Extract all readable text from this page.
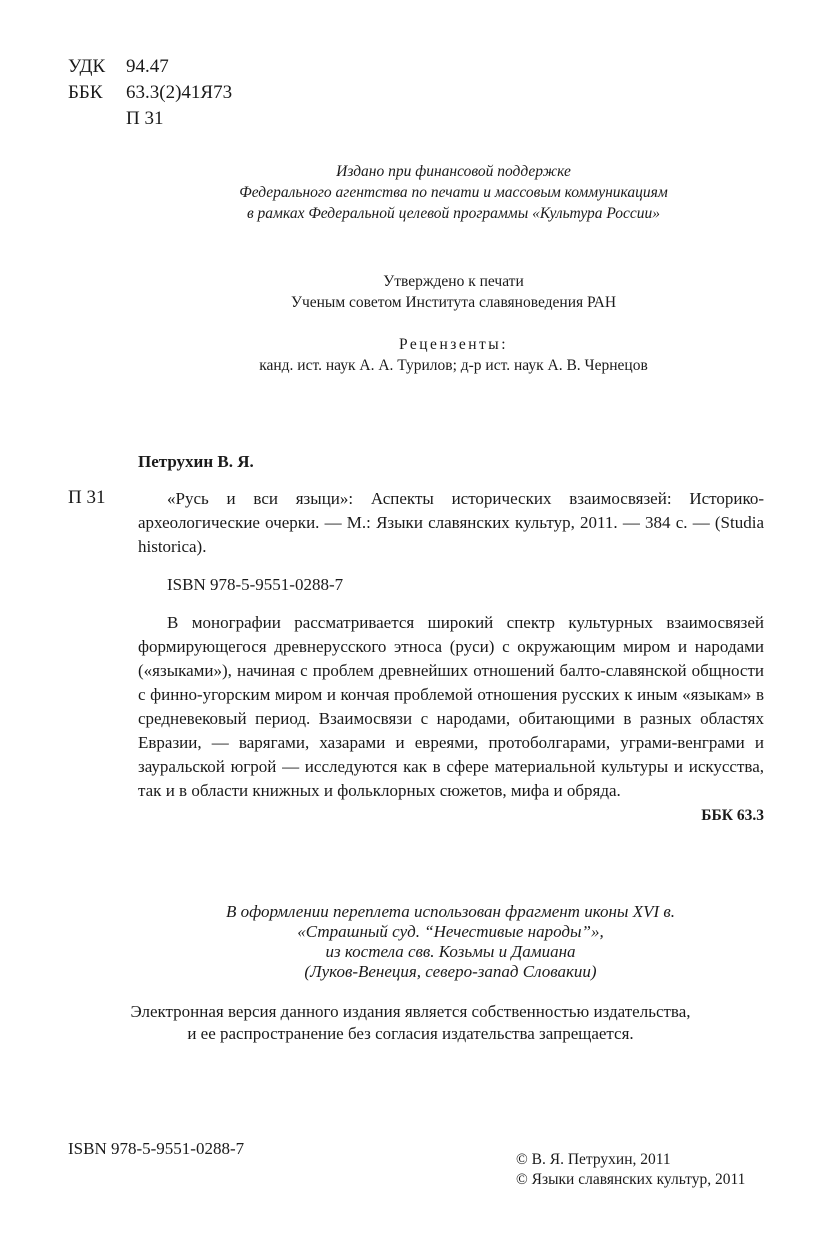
УДК	94.47
ББК	63.3(2)41Я73
П 31
Издано при финансовой поддержке
Федерального агентства по печати и массовым коммуникациям
в рамках Федеральной целевой программы «Культура России»
Утверждено к печати
Ученым советом Института славяноведения РАН
Рецензенты:
канд. ист. наук А. А. Турилов; д-р ист. наук А. В. Чернецов
Петрухин В. Я.
П 31	«Русь и вси языци»: Аспекты исторических взаимосвязей: Историко-археологические очерки. — М.: Языки славянских культур, 2011. — 384 с. — (Studia historica).

ISBN 978-5-9551-0288-7

В монографии рассматривается широкий спектр культурных взаимосвязей формирующегося древнерусского этноса (руси) с окружающим миром и народами («языками»), начиная с проблем древнейших отношений балто-славянской общности с финно-угорским миром и кончая проблемой отношения русских к иным «языкам» в средневековый период. Взаимосвязи с народами, обитающими в разных областях Евразии, — варягами, хазарами и евреями, протоболгарами, уграми-венграми и зауральской югрой — исследуются как в сфере материальной культуры и искусства, так и в области книжных и фольклорных сюжетов, мифа и обряда.

ББК 63.3
В оформлении переплета использован фрагмент иконы XVI в.
«Страшный суд. “Нечестивые народы”»,
из костела свв. Козьмы и Дамиана
(Луков-Венеция, северо-запад Словакии)
Электронная версия данного издания является собственностью издательства,
и ее распространение без согласия издательства запрещается.
ISBN 978-5-9551-0288-7
© В. Я. Петрухин, 2011
© Языки славянских культур, 2011
